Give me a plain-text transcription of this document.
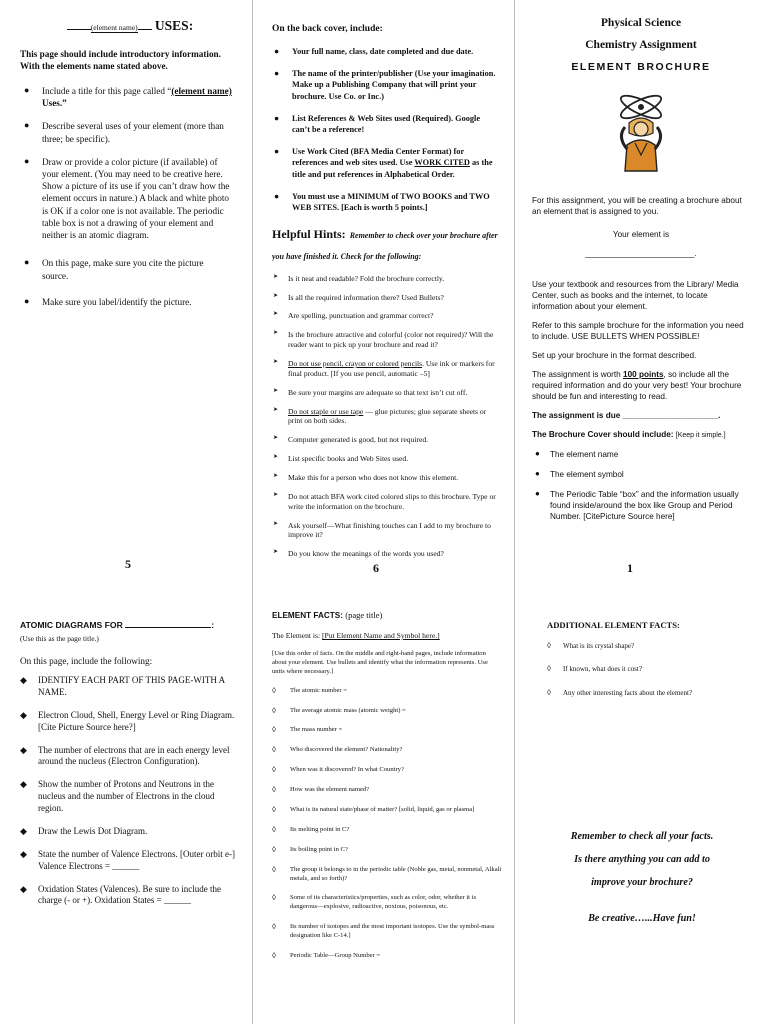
(element name) USES:
This page should include introductory information. With the elements name stated above.
● Include a title for this page called “(element name) Uses.”
● Describe several uses of your element (more than three; be specific).
● Draw or provide a color picture (if available) of your element. (You may need to be creative here. Show a picture of its use if you can’t draw how the element occurs in nature.) A black and white photo is OK if a color one is not available. The periodic table box is not a drawing of your element and neither is an atomic diagram.
● On this page, make sure you cite the picture source.
● Make sure you label/identify the picture.
5
On the back cover, include:
● Your full name, class, date completed and due date.
● The name of the printer/publisher (Use your imagination. Make up a Publishing Company that will print your brochure. Use Co. or Inc.)
● List References & Web Sites used (Required). Google can’t be a reference!
● Use Work Cited (BFA Media Center Format) for references and web sites used. Use WORK CITED as the title and put references in Alphabetical Order.
● You must use a MINIMUM of TWO BOOKS and TWO WEB SITES. [Each is worth 5 points.]
Helpful Hints: Remember to check over your brochure after you have finished it. Check for the following:
➤ Is it neat and readable? Fold the brochure correctly.
➤ Is all the required information there? Used Bullets?
➤ Are spelling, punctuation and grammar correct?
➤ Is the brochure attractive and colorful (color not required)? Will the reader want to pick up your brochure and read it?
➤ Do not use pencil, crayon or colored pencils. Use ink or markers for final product. [If you use pencil, automatic –5]
➤ Be sure your margins are adequate so that text isn’t cut off.
➤ Do not staple or use tape — glue pictures; glue separate sheets or print on both sides.
➤ Computer generated is good, but not required.
➤ List specific books and Web Sites used.
➤ Make this for a person who does not know this element.
➤ Do not attach BFA work cited colored slips to this brochure. Type or write the information on the brochure.
➤ Ask yourself—What finishing touches can I add to my brochure to improve it?
➤ Do you know the meanings of the words you used?
6
Physical Science
Chemistry Assignment
ELEMENT BROCHURE

For this assignment, you will be creating a brochure about an element that is assigned to you.

Your element is

________________________.

Use your textbook and resources from the Library/ Media Center, such as books and the internet, to locate information about your element.

Refer to this sample brochure for the information you need to include. USE BULLETS WHEN POSSIBLE!

Set up your brochure in the format described.

The assignment is worth 100 points, so include all the required information and do your very best! Your brochure should be fun and interesting to read.

The assignment is due _____________________.

The Brochure Cover should include: [Keep it simple.]

● The element name
● The element symbol
● The Periodic Table “box” and the information usually found inside/around the box like Group and Period Number. [CitePicture Source here]
1
ATOMIC DIAGRAMS FOR	:
(Use this as the page title.)
On this page, include the following:
◆ IDENTIFY EACH PART OF THIS PAGE-WITH A NAME.
◆ Electron Cloud, Shell, Energy Level or Ring Diagram. [Cite Picture Source here?]
◆ The number of electrons that are in each energy level around the nucleus (Electron Configuration).
◆ Show the number of Protons and Neutrons in the nucleus and the number of Electrons in the cloud region.
◆ Draw the Lewis Dot Diagram.
◆ State the number of Valence Electrons. [Outer orbit e-] Valence Electrons = ______
◆ Oxidation States (Valences). Be sure to include the charge (- or +). Oxidation States = ______
ELEMENT FACTS: (page title)
The Element is: [Put Element Name and Symbol here.]
[Use this order of facts. On the middle and right-hand pages, include information about your element. Use bullets and identify what the information represents. Use units where necessary.]
◊ The atomic number =
◊ The average atomic mass (atomic weight) =
◊ The mass number =
◊ Who discovered the element? Nationality?
◊ When was it discovered? In what Country?
◊ How was the element named?
◊ What is its natural state/phase of matter? [solid, liquid, gas or plasma]
◊ Its melting point in C?
◊ Its boiling point in C?
◊ The group it belongs to in the periodic table (Noble gas, metal, nonmetal, Alkali metals, and so forth)?
◊ Some of its characteristics/properties, such as color, odor, whether it is dangerous—explosive, radioactive, noxious, poisonous, etc.
◊ Its number of isotopes and the most important isotopes. Use the symbol-mass designation like C-14.]
◊ Periodic Table—Group Number =
ADDITIONAL ELEMENT FACTS:
◊ What is its crystal shape?
◊ If known, what does it cost?
◊ Any other interesting facts about the element?
Remember to check all your facts.
Is there anything you can add to
improve your brochure?
Be creative…...Have fun!
